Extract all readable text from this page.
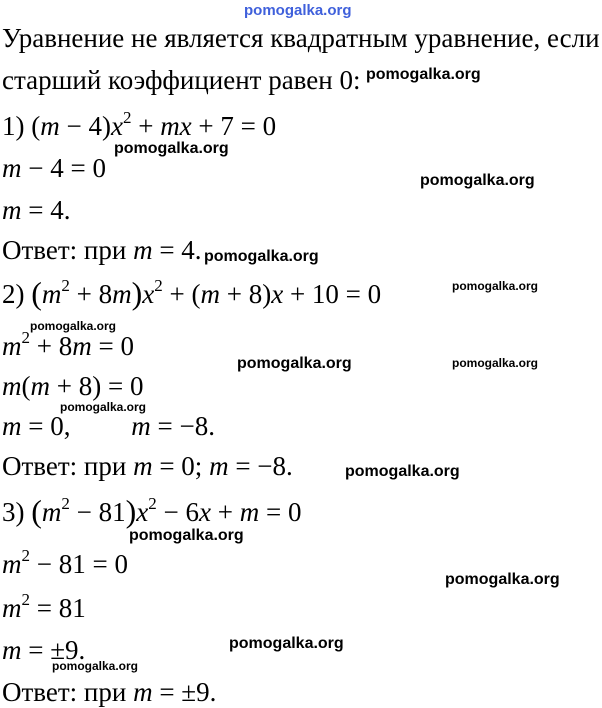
pomogalka.org
Уравнение не является квадратным уравнение, если
старший коэффициент равен 0:
1) $(m - 4)x^2$ + mx + 7 = 0
m − 4 = 0
m = 4.
Ответ: при m = 4.
2) $(m^2 + 8m)x^2 + (m + 8)x + 10 = 0$
$m^2 + 8m = 0$
m(m + 8) = 0
m = 0,         m = −8.
Ответ: при m = 0; m = −8.
3) $(m^2 - 81)x^2 - 6x + m = 0$
$m^2 - 81 = 0$
$m^2 = 81$
m = ±9.
Ответ: при m = ±9.
pomogalka.org
pomogalka.org
pomogalka.org
pomogalka.org
pomogalka.org
pomogalka.org
pomogalka.org	pomogalka.org
pomogalka.org
pomogalka.org
pomogalka.org
pomogalka.org
pomogalka.org
pomogalka.org
